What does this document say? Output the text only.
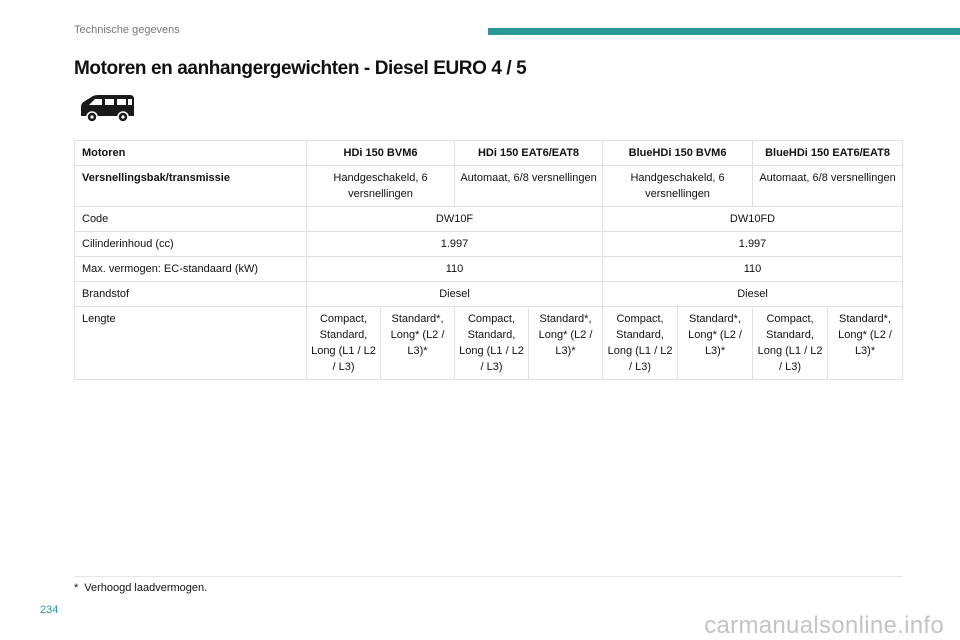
Technische gegevens
Motoren en aanhangergewichten - Diesel EURO 4 / 5
Motoren	HDi 150 BVM6		HDi 150 EAT6/EAT8		BlueHDi 150 BVM6		BlueHDi 150 EAT6/EAT8	
Versnellingsbak/transmissie	Handgeschakeld, 6 versnellingen		Automaat, 6/8 versnellingen		Handgeschakeld, 6 versnellingen		Automaat, 6/8 versnellingen	
Code	DW10F				DW10FD			
Cilinderinhoud (cc)	1.997				1.997			
Max. vermogen: EC-standaard (kW)	110				110			
Brandstof	Diesel				Diesel			
Lengte	Compact, Standard, Long (L1 / L2 / L3)	Standard*, Long* (L2 / L3)*	Compact, Standard, Long (L1 / L2 / L3)	Standard*, Long* (L2 / L3)*	Compact, Standard, Long (L1 / L2 / L3)	Standard*, Long* (L2 / L3)*	Compact, Standard, Long (L1 / L2 / L3)	Standard*, Long* (L2 / L3)*
* Verhoogd laadvermogen.
234
carmanualsonline.info
